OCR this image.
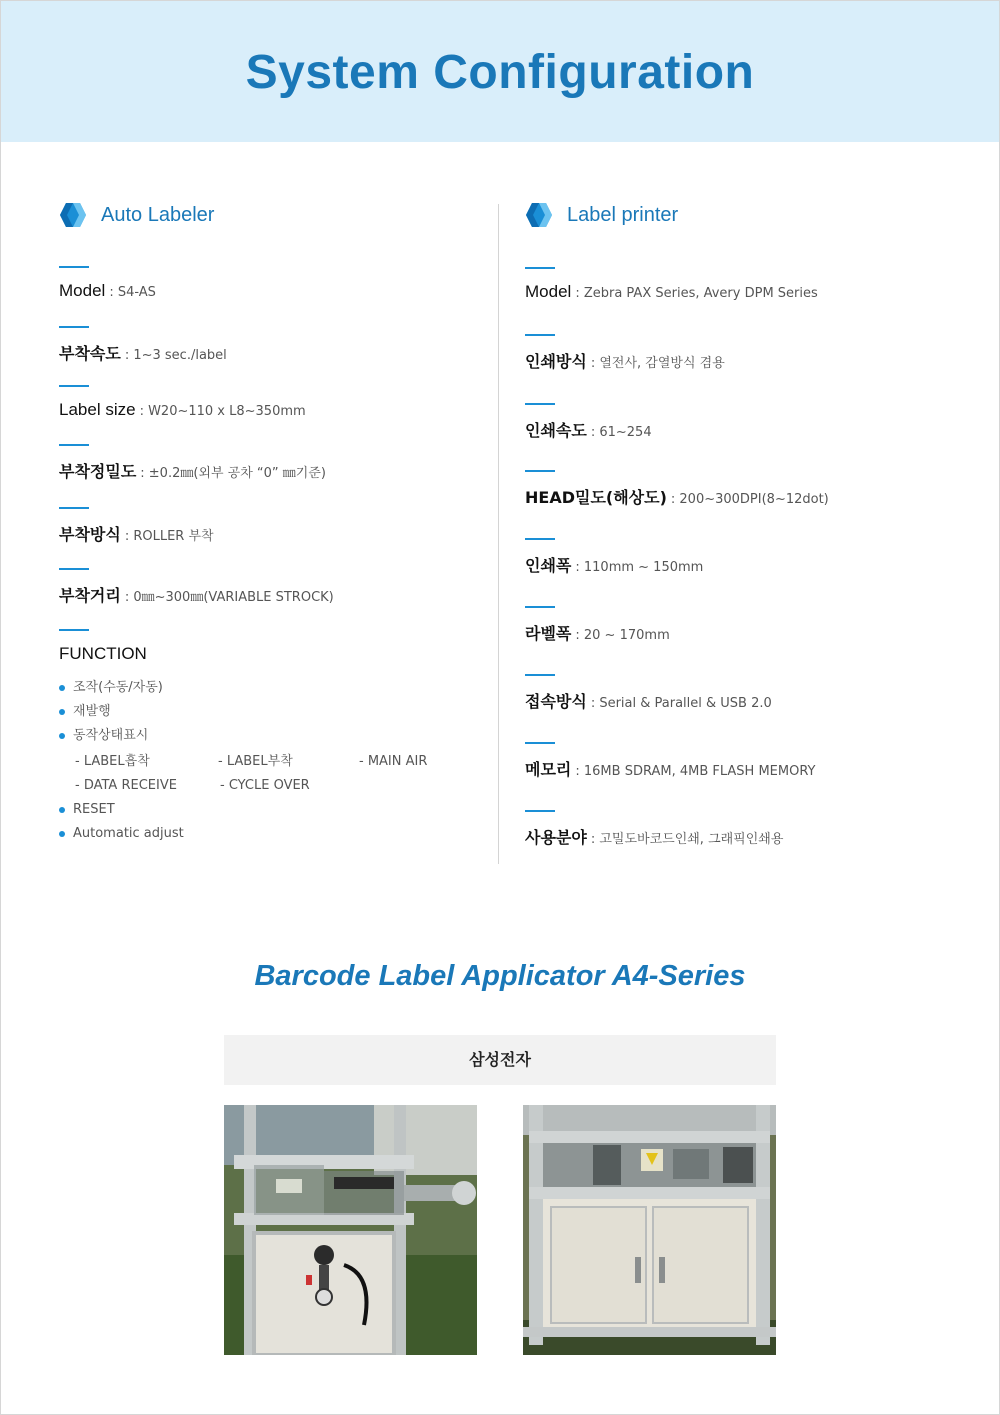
System Configuration
Auto Labeler
Model : S4-AS
부착속도 : 1~3 sec./label
Label size : W20~110 x L8~350mm
부착정밀도 : ±0.2㎜(외부 공차 “0” ㎜기준)
부착방식 : ROLLER 부착
부착거리 : 0㎜~300㎜(VARIABLE STROCK)
FUNCTION
조작(수동/자동)
재발행
동작상태표시
- LABEL흡착	- LABEL부착	- MAIN AIR
- DATA RECEIVE	- CYCLE OVER
RESET
Automatic adjust
Label printer
Model : Zebra PAX Series, Avery DPM Series
인쇄방식 : 열전사, 감열방식 겸용
인쇄속도 : 61~254
HEAD밀도(해상도) : 200~300DPI(8~12dot)
인쇄폭 : 110mm ~ 150mm
라벨폭 : 20 ~ 170mm
접속방식 : Serial & Parallel & USB 2.0
메모리 : 16MB SDRAM, 4MB FLASH MEMORY
사용분야 : 고밀도바코드인쇄, 그래픽인쇄용
Barcode Label Applicator A4-Series
삼성전자
